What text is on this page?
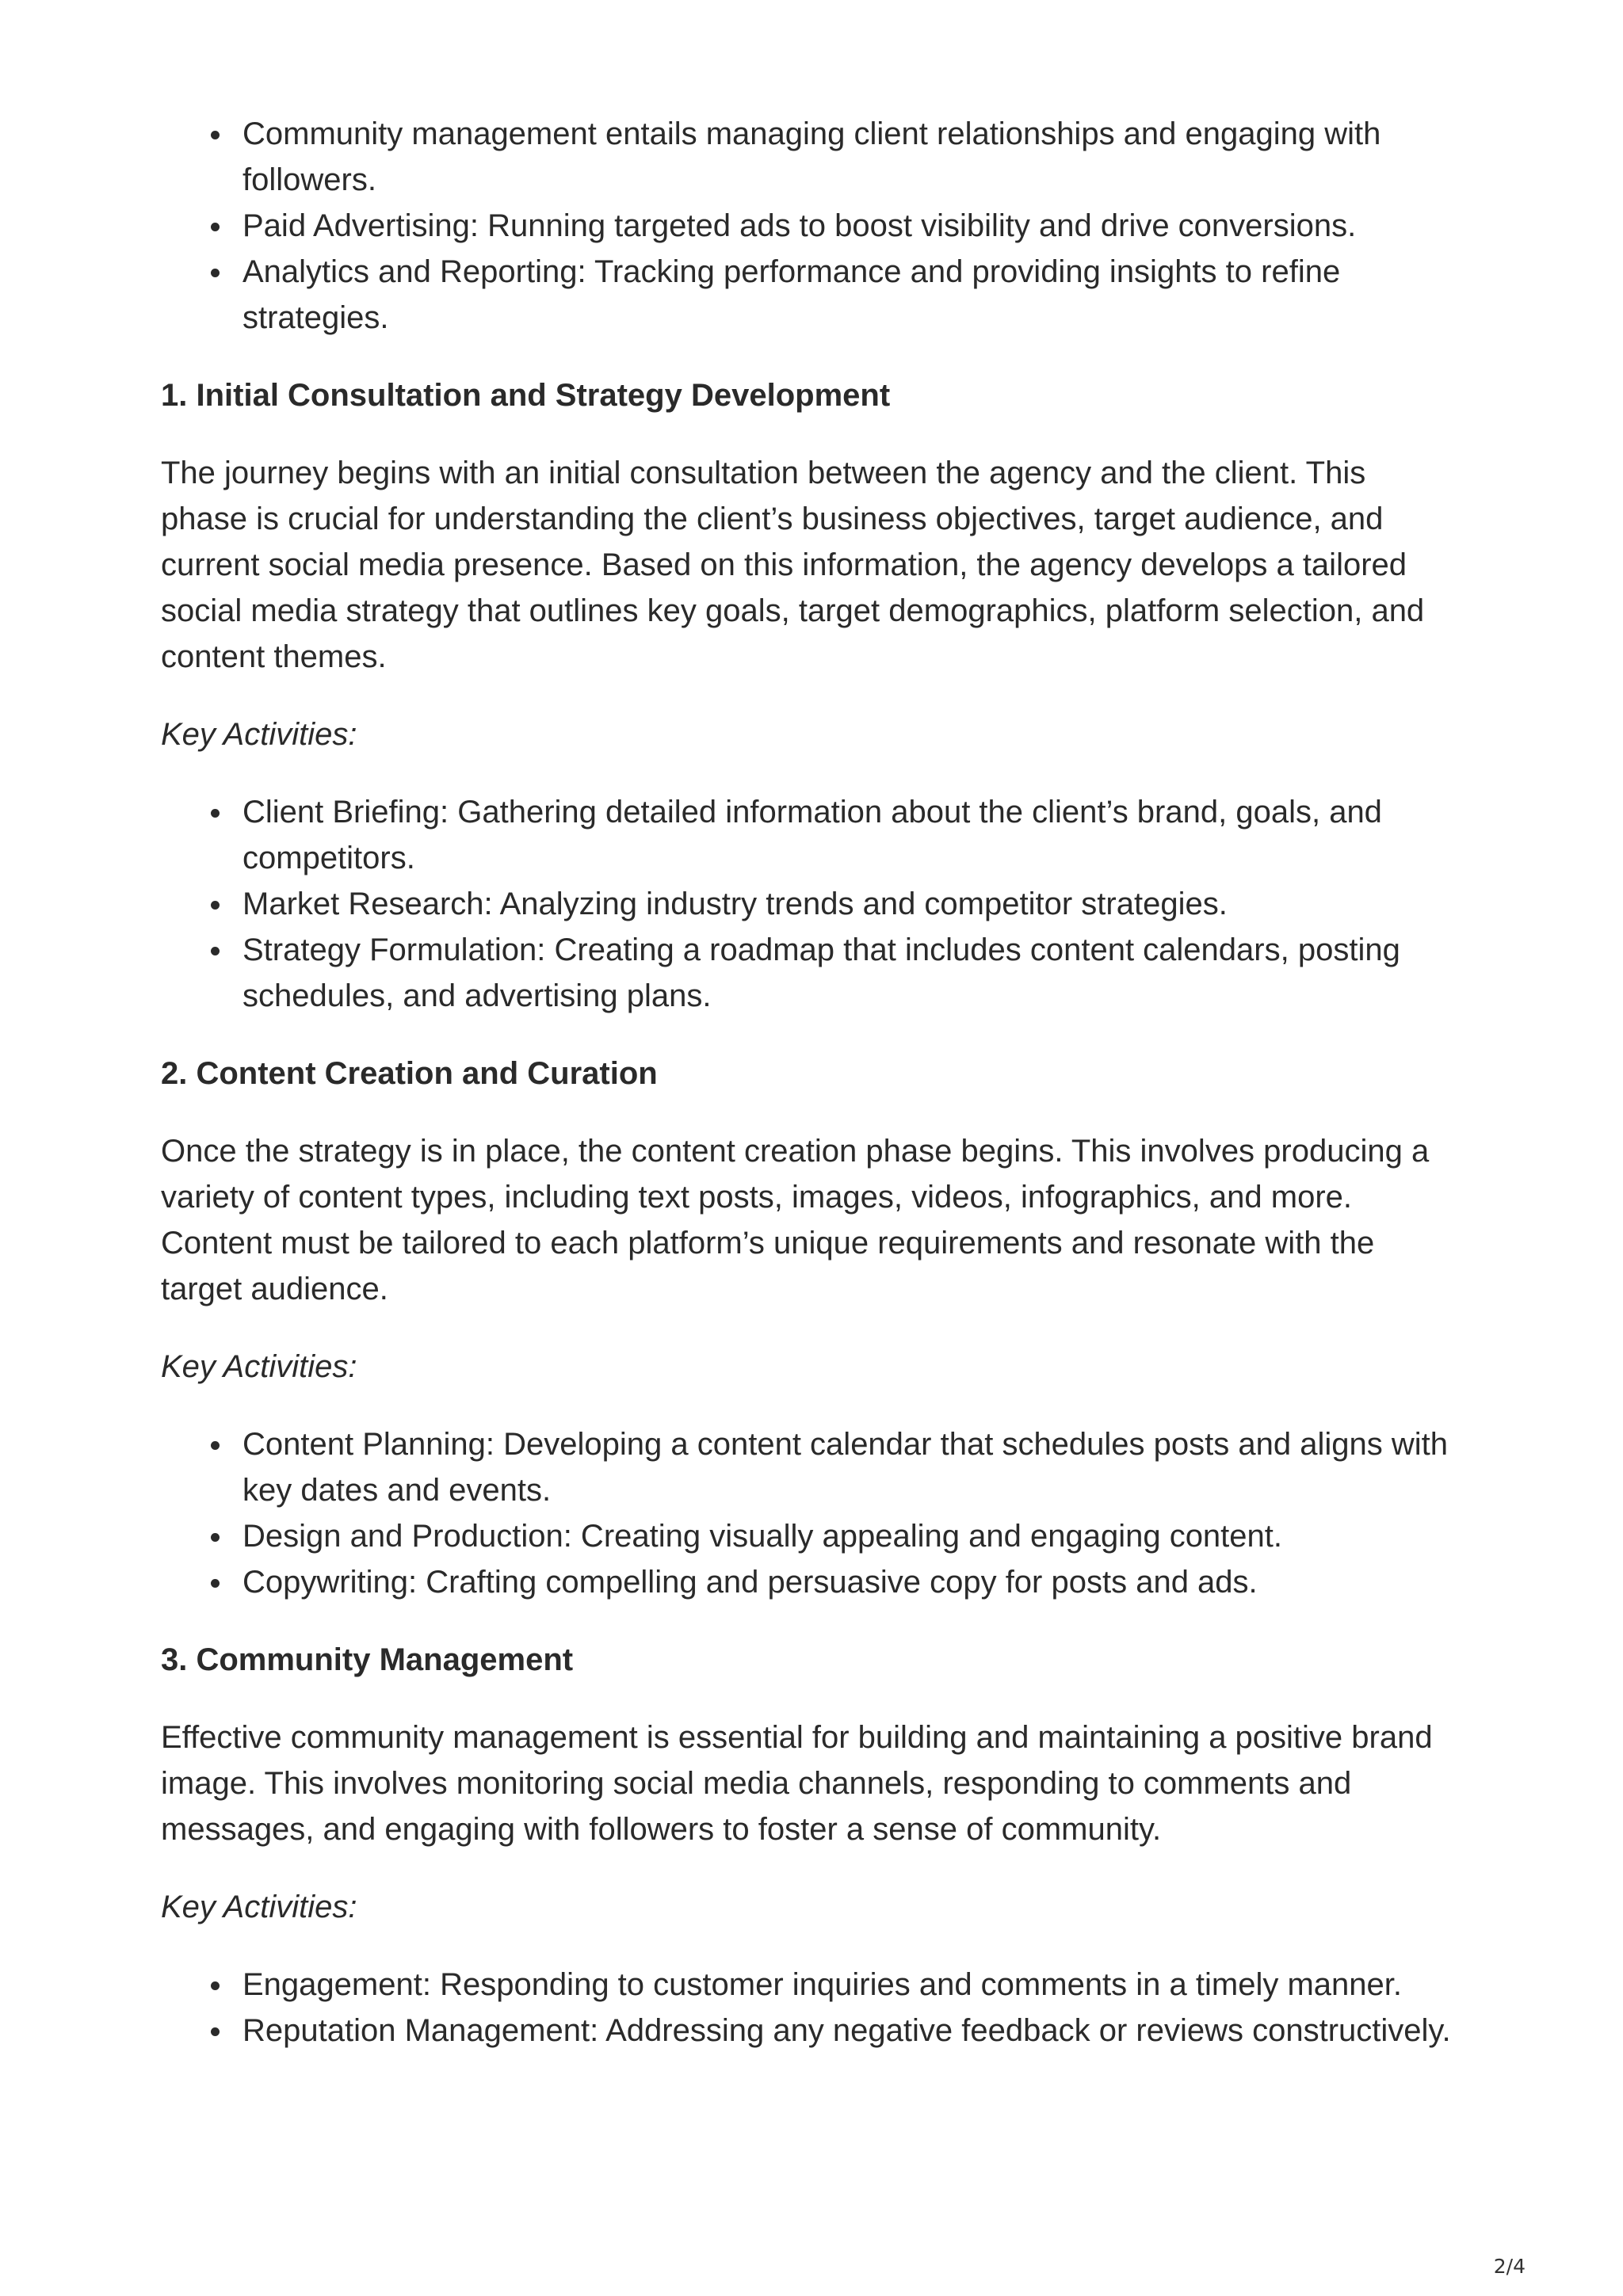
Community management entails managing client relationships and engaging with followers.
Paid Advertising: Running targeted ads to boost visibility and drive conversions.
Analytics and Reporting: Tracking performance and providing insights to refine strategies.
1. Initial Consultation and Strategy Development

The journey begins with an initial consultation between the agency and the client. This phase is crucial for understanding the client’s business objectives, target audience, and current social media presence. Based on this information, the agency develops a tailored social media strategy that outlines key goals, target demographics, platform selection, and content themes.

Key Activities:

Client Briefing: Gathering detailed information about the client’s brand, goals, and competitors.
Market Research: Analyzing industry trends and competitor strategies.
Strategy Formulation: Creating a roadmap that includes content calendars, posting schedules, and advertising plans.
2. Content Creation and Curation

Once the strategy is in place, the content creation phase begins. This involves producing a variety of content types, including text posts, images, videos, infographics, and more. Content must be tailored to each platform’s unique requirements and resonate with the target audience.

Key Activities:

Content Planning: Developing a content calendar that schedules posts and aligns with key dates and events.
Design and Production: Creating visually appealing and engaging content.
Copywriting: Crafting compelling and persuasive copy for posts and ads.
3. Community Management

Effective community management is essential for building and maintaining a positive brand image. This involves monitoring social media channels, responding to comments and messages, and engaging with followers to foster a sense of community.

Key Activities:

Engagement: Responding to customer inquiries and comments in a timely manner.
Reputation Management: Addressing any negative feedback or reviews constructively.
2/4
